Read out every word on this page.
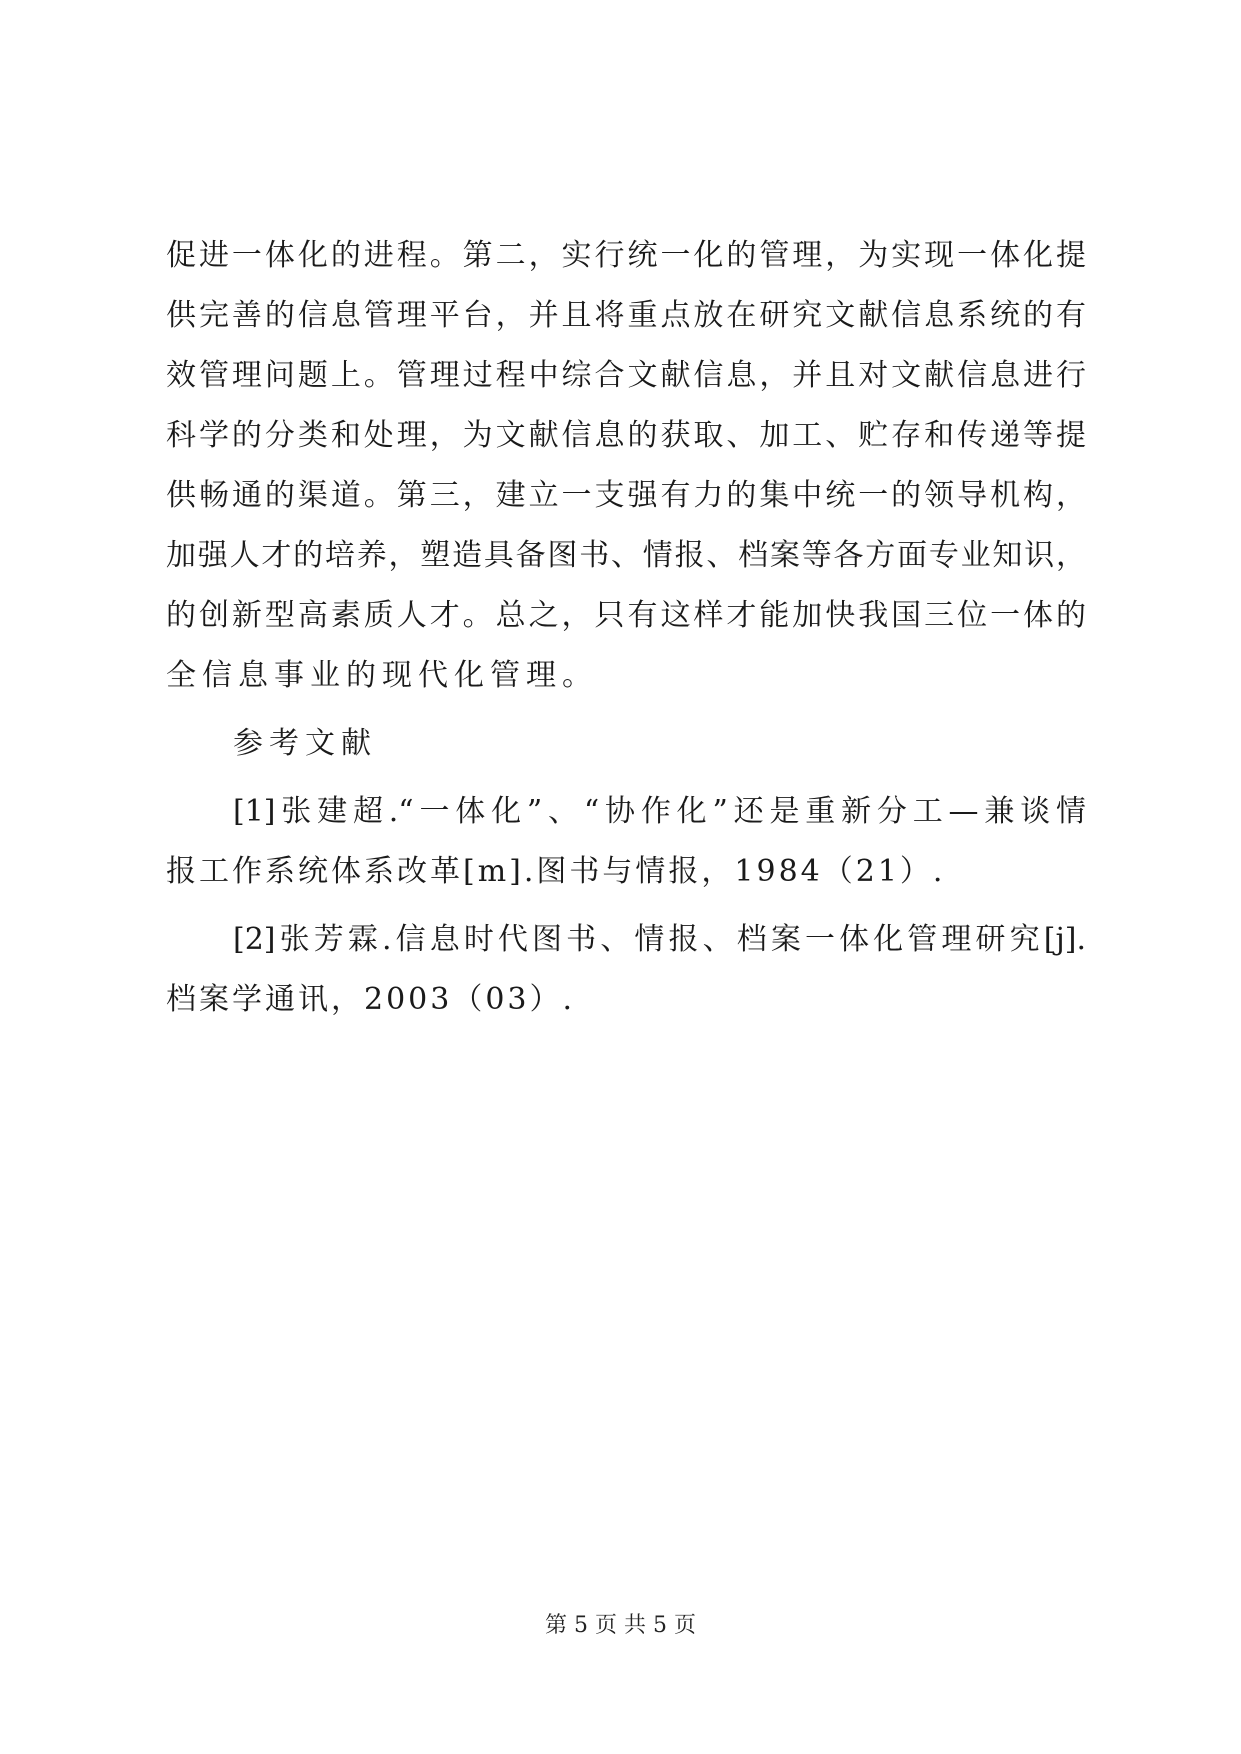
促进一体化的进程。第二，实行统一化的管理，为实现一体化提
供完善的信息管理平台，并且将重点放在研究文献信息系统的有
效管理问题上。管理过程中综合文献信息，并且对文献信息进行
科学的分类和处理，为文献信息的获取、加工、贮存和传递等提
供畅通的渠道。第三，建立一支强有力的集中统一的领导机构，
加强人才的培养，塑造具备图书、情报、档案等各方面专业知识，
的创新型高素质人才。总之，只有这样才能加快我国三位一体的
全信息事业的现代化管理。
参考文献
[1]张建超.“一体化”、“协作化”还是重新分工—兼谈情
报工作系统体系改革[m].图书与情报，1984（21）.
[2]张芳霖.信息时代图书、情报、档案一体化管理研究[j].
档案学通讯，2003（03）.
第 5 页 共 5 页
